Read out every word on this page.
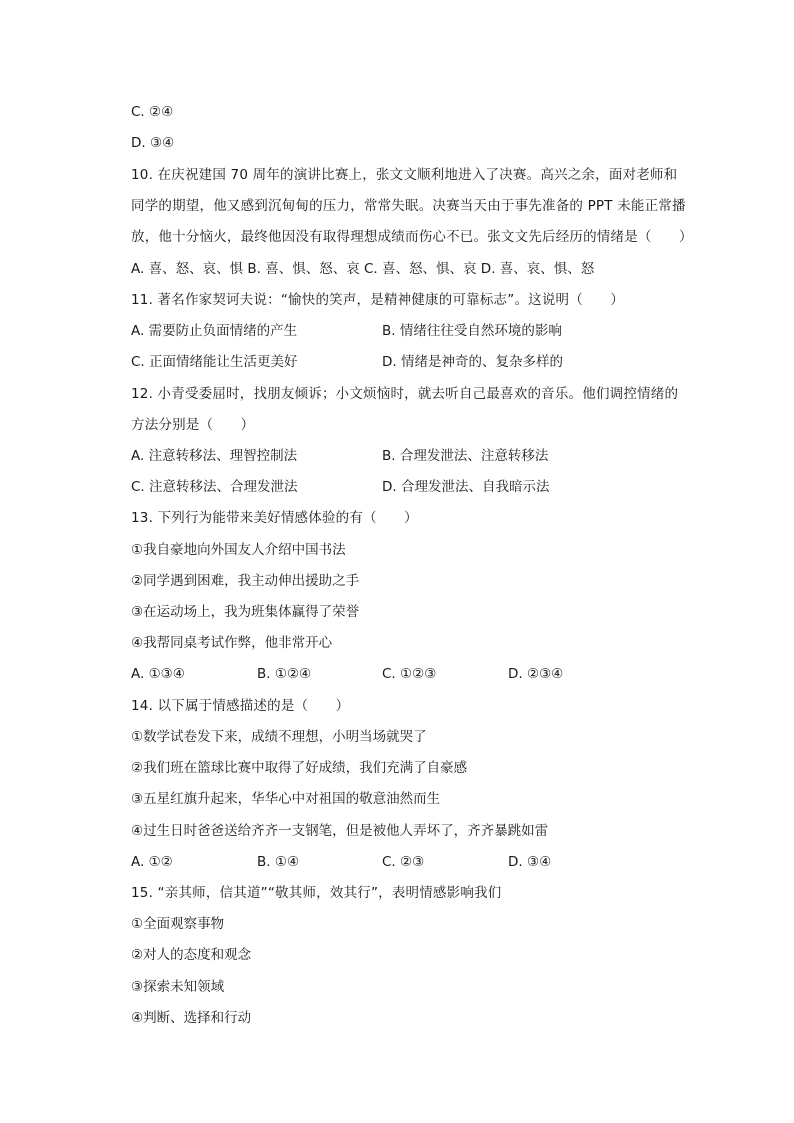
C. ②④
D. ③④
10. 在庆祝建国 70 周年的演讲比赛上，张文文顺利地进入了决赛。高兴之余，面对老师和
同学的期望，他又感到沉甸甸的压力，常常失眠。决赛当天由于事先准备的 PPT 未能正常播
放，他十分恼火，最终他因没有取得理想成绩而伤心不已。张文文先后经历的情绪是（　　）
A. 喜、怒、哀、惧 B. 喜、惧、怒、哀 C. 喜、怒、惧、哀 D. 喜、哀、惧、怒
11. 著名作家契诃夫说：“愉快的笑声，是精神健康的可靠标志”。这说明（　　）
A. 需要防止负面情绪的产生	B. 情绪往往受自然环境的影响
C. 正面情绪能让生活更美好	D. 情绪是神奇的、复杂多样的
12. 小青受委屈时，找朋友倾诉；小文烦恼时，就去听自己最喜欢的音乐。他们调控情绪的
方法分别是（　　）
A. 注意转移法、理智控制法	B. 合理发泄法、注意转移法
C. 注意转移法、合理发泄法	D. 合理发泄法、自我暗示法
13. 下列行为能带来美好情感体验的有（　　）
①我自豪地向外国友人介绍中国书法
②同学遇到困难，我主动伸出援助之手
③在运动场上，我为班集体赢得了荣誉
④我帮同桌考试作弊，他非常开心
A. ①③④	B. ①②④	C. ①②③	D. ②③④
14. 以下属于情感描述的是（　　）
①数学试卷发下来，成绩不理想，小明当场就哭了
②我们班在篮球比赛中取得了好成绩，我们充满了自豪感
③五星红旗升起来，华华心中对祖国的敬意油然而生
④过生日时爸爸送给齐齐一支钢笔，但是被他人弄坏了，齐齐暴跳如雷
A. ①②	B. ①④	C. ②③	D. ③④
15. “亲其师，信其道”“敬其师，效其行”，表明情感影响我们
①全面观察事物
②对人的态度和观念
③探索未知领域
④判断、选择和行动
